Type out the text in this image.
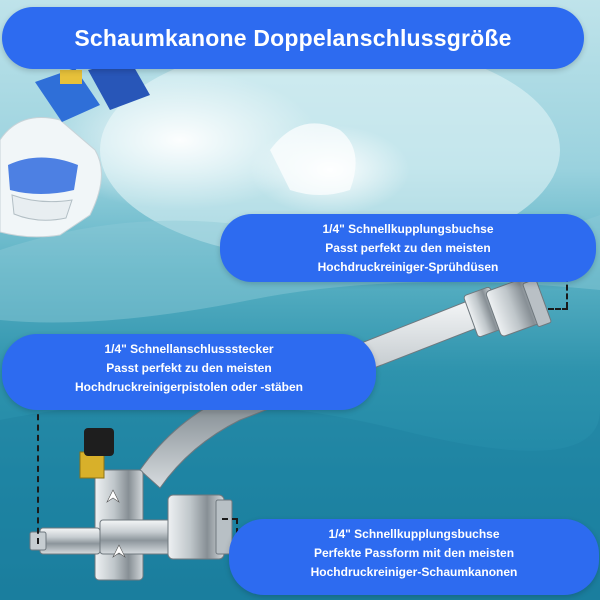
Schaumkanone Doppelanschlussgröße
1/4" Schnellkupplungsbuchse
Passt perfekt zu den meisten
Hochdruckreiniger-Sprühdüsen
1/4" Schnellanschlussstecker
Passt perfekt zu den meisten
Hochdruckreinigerpistolen oder -stäben
1/4" Schnellkupplungsbuchse
Perfekte Passform mit den meisten
Hochdruckreiniger-Schaumkanonen
